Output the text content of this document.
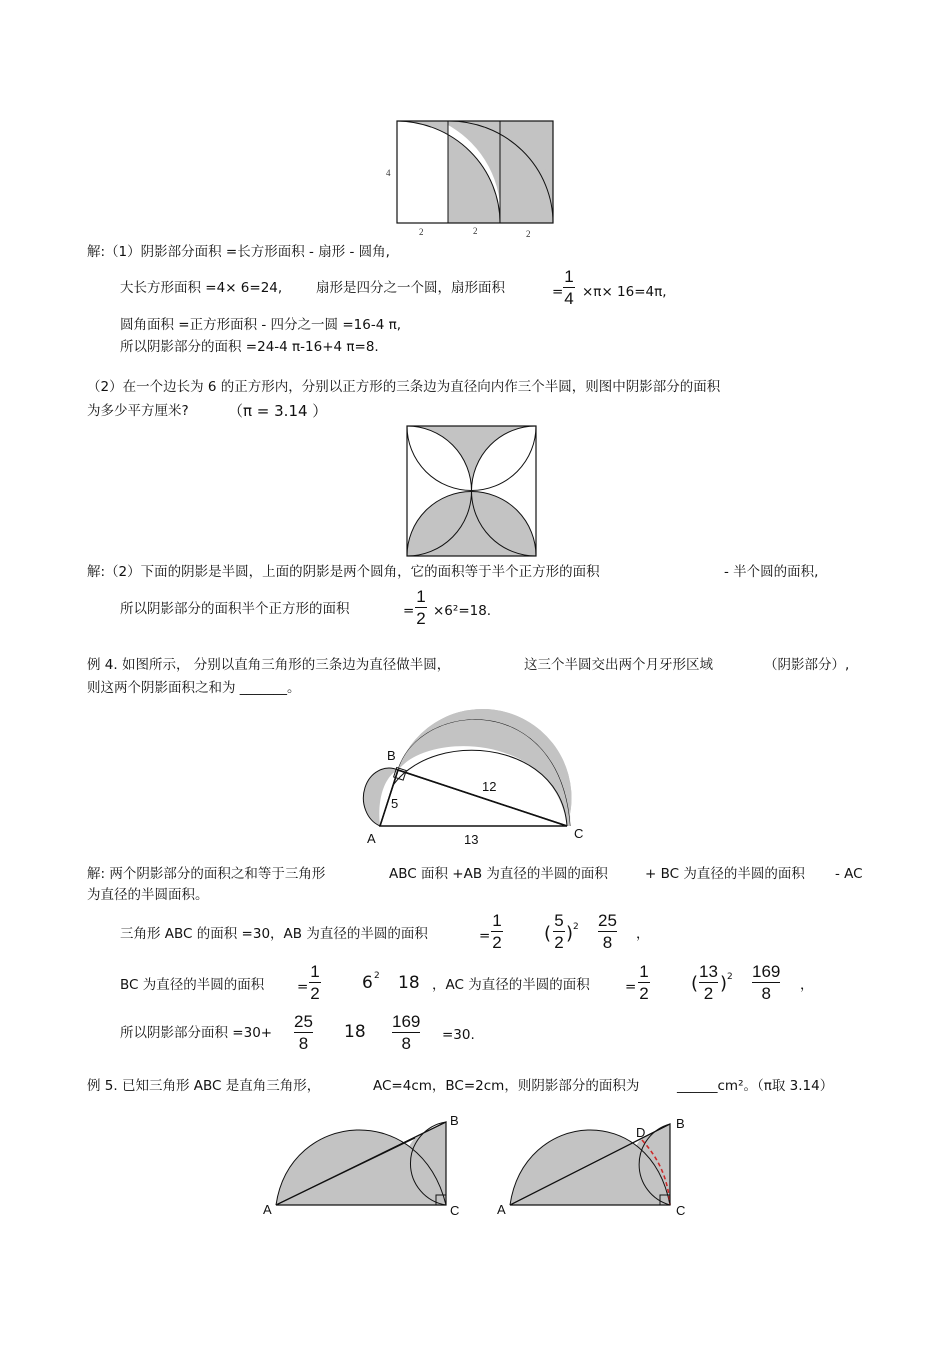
4
2	2	2
解:（1）阴影部分面积 =长方形面积 - 扇形 - 圆角,
大长方形面积 =4× 6=24,	扇形是四分之一个圆，扇形面积	=
1
4 ×π× 16=4π,
圆角面积 =正方形面积 - 四分之一圆 =16-4 π,
所以阴影部分的面积 =24-4 π-16+4 π=8.
（2）在一个边长为 6 的正方形内，分别以正方形的三条边为直径向内作三个半圆，则图中阴影部分的面积
为多少平方厘米?	（π = 3.14 ）
解:（2）下面的阴影是半圆，上面的阴影是两个圆角，它的面积等于半个正方形的面积	- 半个圆的面积,
所以阴影部分的面积半个正方形的面积	=
1
2 ×6²=18.
例 4. 如图所示， 分别以直角三角形的三条边为直径做半圆，	这三个半圆交出两个月牙形区域	（阴影部分）,
则这两个阴影面积之和为 _______。
B
A	C
5
12
13
解: 两个阴影部分的面积之和等于三角形	ABC 面积 +AB 为直径的半圆的面积	+ BC 为直径的半圆的面积 - AC
为直径的半圆面积。
三角形 ABC 的面积 =30，AB 为直径的半圆的面积	=
1
2 (
5
2 ) 2 25
8 ，
BC 为直径的半圆的面积 =
1
2
6 2 18 ，AC 为直径的半圆的面积	=
1
2 (
13
2 ) 2 169
8 ，
所以阴影部分面积 =30+
25
8
18
169
8 =30.
例 5. 已知三角形 ABC 是直角三角形，	AC=4cm，BC=2cm，则阴影部分的面积为	______cm²。（π取 3.14）
A
B
C	A
B
C
D
